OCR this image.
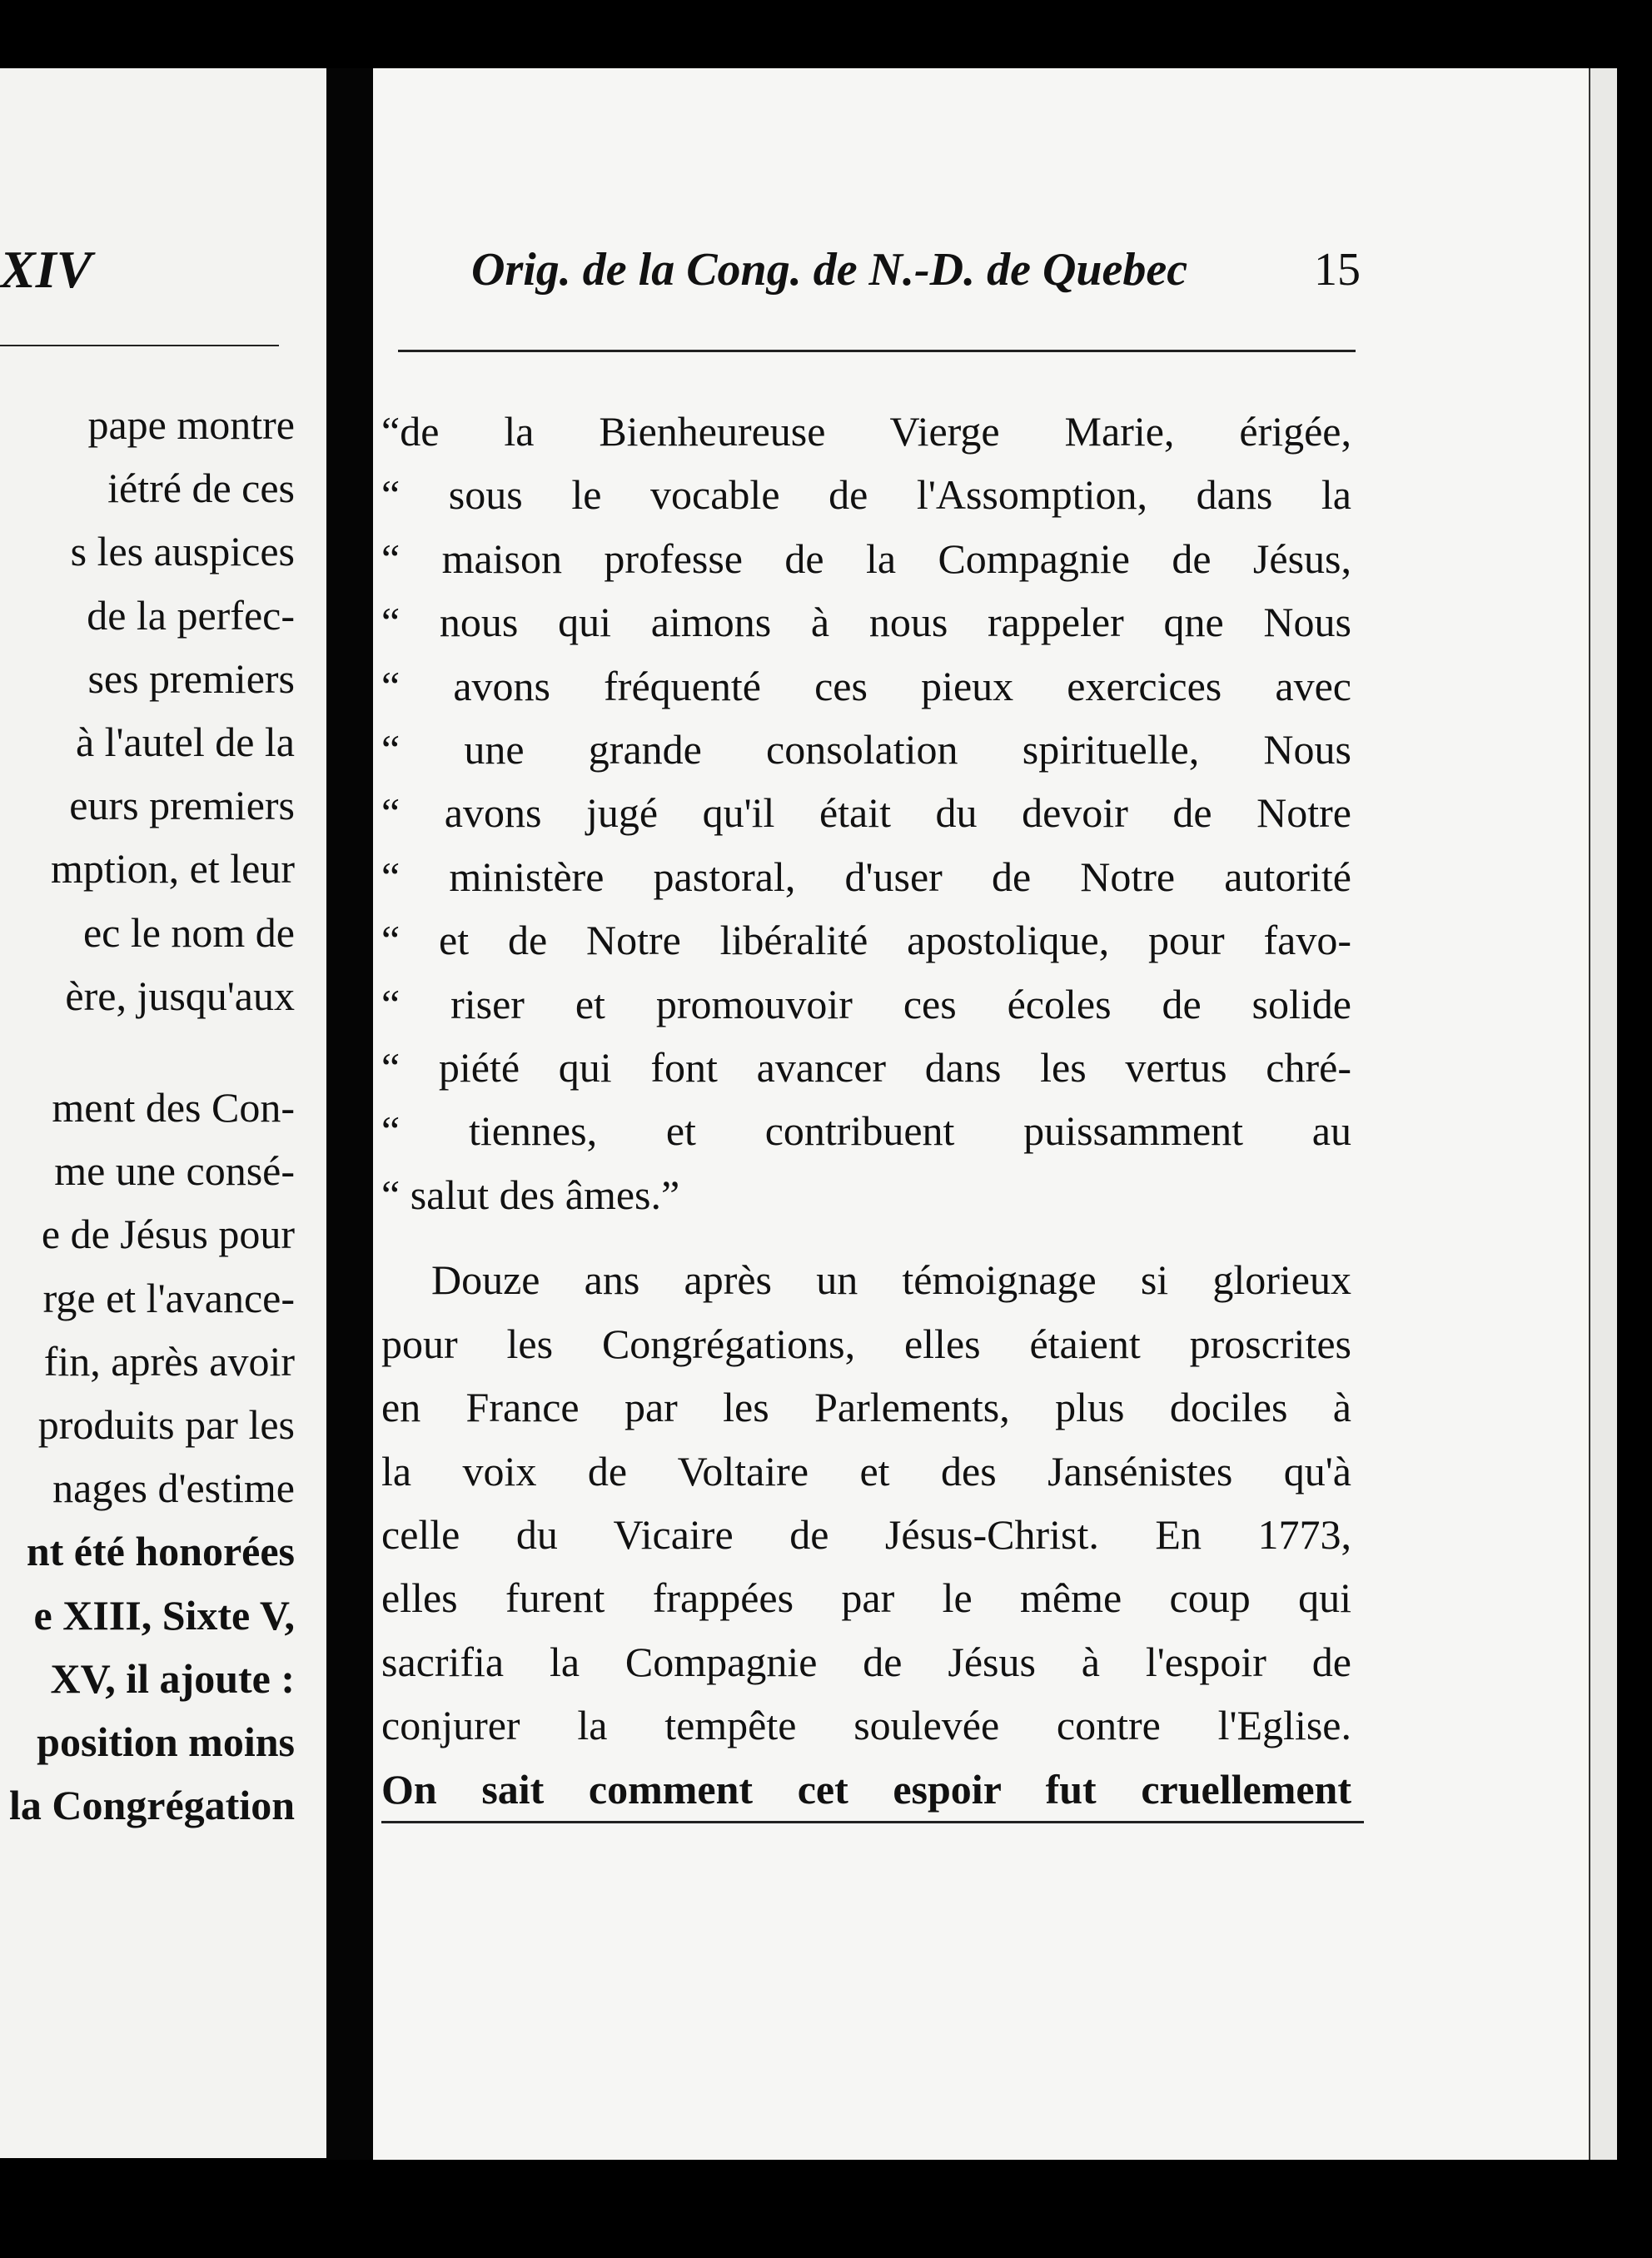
XIV
pape montre
iétré de ces
s les auspices
de la perfec-
ses premiers
à l'autel de la
eurs premiers
mption, et leur
ec le nom de
ère, jusqu'aux
ment des Con-
me une consé-
e de Jésus pour
rge et l'avance-
fin, après avoir
produits par les
nages d'estime
nt été honorées
e XIII, Sixte V,
XV, il ajoute :
position moins
la Congrégation
Orig. de la Cong. de N.-D. de Quebec	15
“de la Bienheureuse Vierge Marie, érigée,
“ sous le vocable de l'Assomption, dans la
“ maison professe de la Compagnie de Jésus,
“ nous qui aimons à nous rappeler qne Nous
“ avons fréquenté ces pieux exercices avec
“ une grande consolation spirituelle, Nous
“ avons jugé qu'il était du devoir de Notre
“ ministère pastoral, d'user de Notre autorité
“ et de Notre libéralité apostolique, pour favo-
“ riser et promouvoir ces écoles de solide
“ piété qui font avancer dans les vertus chré-
“ tiennes, et contribuent puissamment au
“ salut des âmes.”
Douze ans après un témoignage si glorieux
pour les Congrégations, elles étaient proscrites
en France par les Parlements, plus dociles à
la voix de Voltaire et des Jansénistes qu'à
celle du Vicaire de Jésus-Christ. En 1773,
elles furent frappées par le même coup qui
sacrifia la Compagnie de Jésus à l'espoir de
conjurer la tempête soulevée contre l'Eglise.
On sait comment cet espoir fut cruellement
